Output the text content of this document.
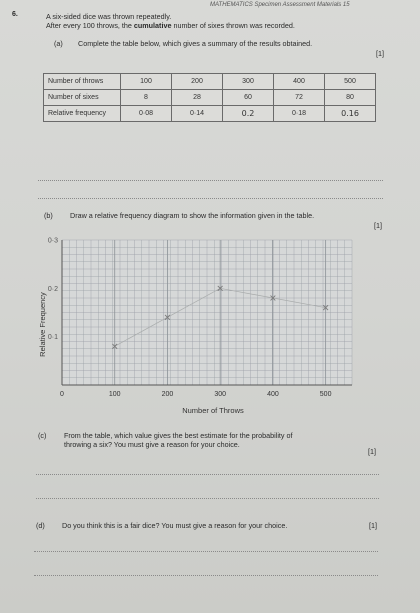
MATHEMATICS Specimen Assessment Materials 15
6.	A six-sided dice was thrown repeatedly.
After every 100 throws, the cumulative number of sixes thrown was recorded.
(a) Complete the table below, which gives a summary of the results obtained.
[1]
Number of throws	100	200	300	400	500
Number of sixes	8	28	60	72	80
Relative frequency	0·08	0·14	0.2	0·18	0.16
(b) Draw a relative frequency diagram to show the information given in the table.
[1]
0	100	200	300	400	500
0·1
0·2
0·3
Number of Throws
Relative Frequency
(c) From the table, which value gives the best estimate for the probability of
throwing a six? You must give a reason for your choice.
[1]
(d) Do you think this is a fair dice? You must give a reason for your choice.	[1]
